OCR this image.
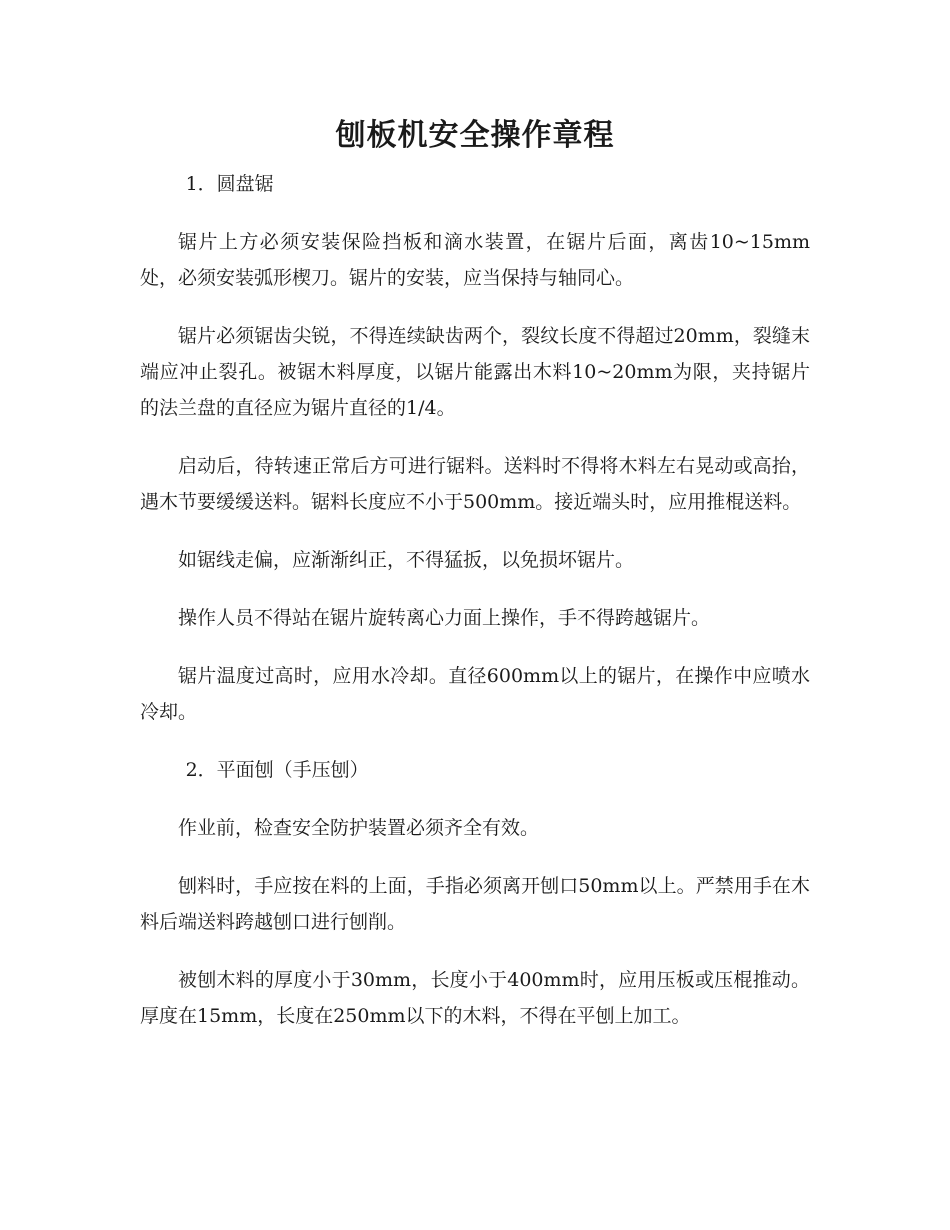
刨板机安全操作章程

1．圆盘锯

锯片上方必须安装保险挡板和滴水装置，在锯片后面，离齿10~15mm处，必须安装弧形楔刀。锯片的安装，应当保持与轴同心。

锯片必须锯齿尖锐，不得连续缺齿两个，裂纹长度不得超过20mm，裂缝末端应冲止裂孔。被锯木料厚度，以锯片能露出木料10~20mm为限，夹持锯片的法兰盘的直径应为锯片直径的1/4。

启动后，待转速正常后方可进行锯料。送料时不得将木料左右晃动或高抬，遇木节要缓缓送料。锯料长度应不小于500mm。接近端头时，应用推棍送料。

如锯线走偏，应渐渐纠正，不得猛扳，以免损坏锯片。

操作人员不得站在锯片旋转离心力面上操作，手不得跨越锯片。

锯片温度过高时，应用水冷却。直径600mm以上的锯片，在操作中应喷水冷却。

2．平面刨（手压刨）

作业前，检查安全防护装置必须齐全有效。

刨料时，手应按在料的上面，手指必须离开刨口50mm以上。严禁用手在木料后端送料跨越刨口进行刨削。

被刨木料的厚度小于30mm，长度小于400mm时，应用压板或压棍推动。厚度在15mm，长度在250mm以下的木料，不得在平刨上加工。
